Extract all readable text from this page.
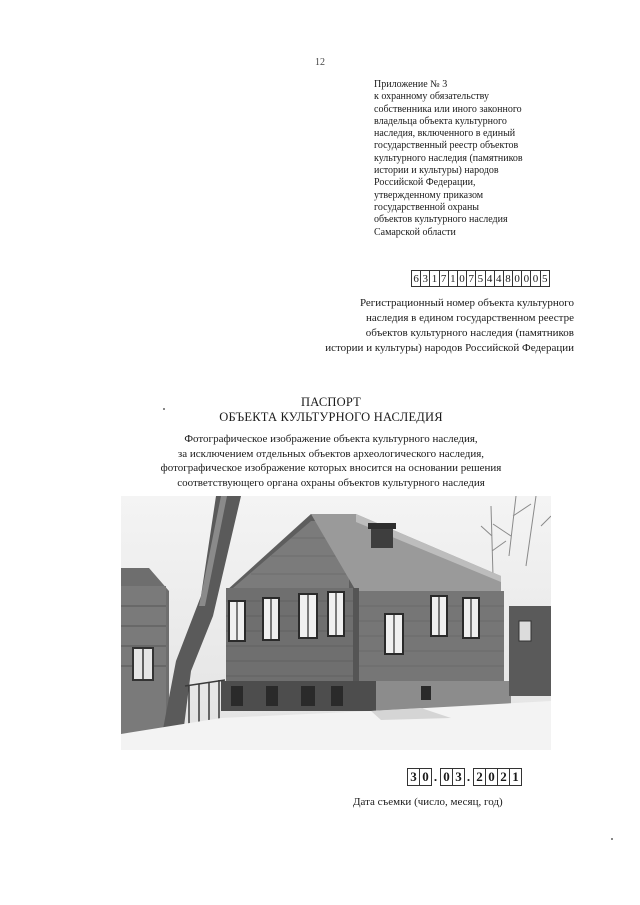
12
Приложение № 3
к охранному обязательству
собственника или иного законного
владельца объекта культурного
наследия, включенного в единый
государственный реестр объектов
культурного наследия (памятников
истории и культуры) народов
Российской Федерации,
утвержденному приказом
государственной охраны
объектов культурного наследия
Самарской области
6 3 1 7 1 0 7 5 4 4 8 0 0 0 5
Регистрационный номер объекта культурного
наследия в едином государственном реестре
объектов культурного наследия (памятников
истории и культуры) народов Российской Федерации
ПАСПОРТ
ОБЪЕКТА КУЛЬТУРНОГО НАСЛЕДИЯ
Фотографическое изображение объекта культурного наследия,
за исключением отдельных объектов археологического наследия,
фотографическое изображение которых вносится на основании решения
соответствующего органа охраны объектов культурного наследия
3 0 . 0 3 . 2 0 2 1
Дата съемки (число, месяц, год)
